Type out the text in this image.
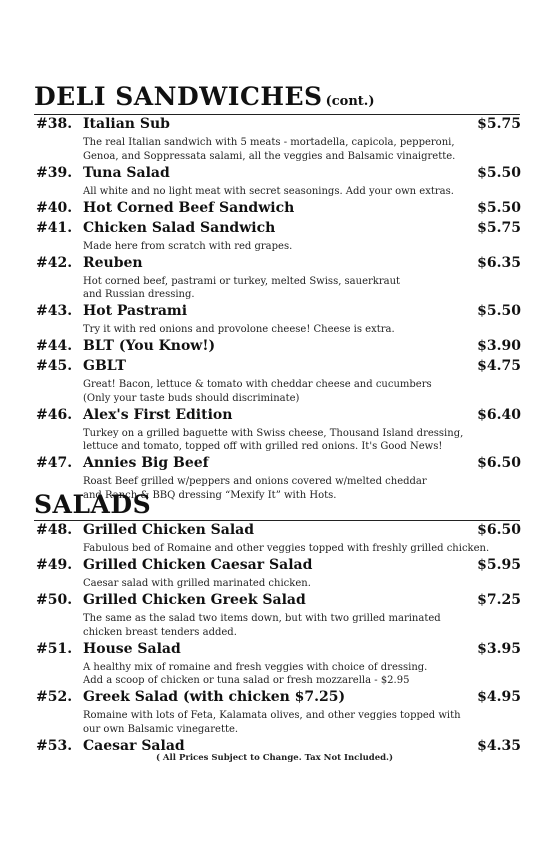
DELI SANDWICHES (cont.)
#38. Italian Sub	$5.75
The real Italian sandwich with 5 meats - mortadella, capicola, pepperoni,
Genoa, and Soppressata salami, all the veggies and Balsamic vinaigrette.
#39. Tuna Salad	$5.50
All white and no light meat with secret seasonings. Add your own extras.
#40. Hot Corned Beef Sandwich	$5.50
#41. Chicken Salad Sandwich	$5.75
Made here from scratch with red grapes.
#42. Reuben	$6.35
Hot corned beef, pastrami or turkey, melted Swiss, sauerkraut
and Russian dressing.
#43. Hot Pastrami	$5.50
Try it with red onions and provolone cheese! Cheese is extra.
#44. BLT (You Know!)	$3.90
#45. GBLT	$4.75
Great! Bacon, lettuce & tomato with cheddar cheese and cucumbers
(Only your taste buds should discriminate)
#46. Alex's First Edition	$6.40
Turkey on a grilled baguette with Swiss cheese, Thousand Island dressing,
lettuce and tomato, topped off with grilled red onions. It's Good News!
#47. Annies Big Beef	$6.50
Roast Beef grilled w/peppers and onions covered w/melted cheddar
and Ranch & BBQ dressing “Mexify It” with Hots.
SALADS
#48. Grilled Chicken Salad	$6.50
Fabulous bed of Romaine and other veggies topped with freshly grilled chicken.
#49. Grilled Chicken Caesar Salad	$5.95
Caesar salad with grilled marinated chicken.
#50. Grilled Chicken Greek Salad	$7.25
The same as the salad two items down, but with two grilled marinated
chicken breast tenders added.
#51. House Salad	$3.95
A healthy mix of romaine and fresh veggies with choice of dressing.
Add a scoop of chicken or tuna salad or fresh mozzarella - $2.95
#52. Greek Salad (with chicken $7.25)	$4.95
Romaine with lots of Feta, Kalamata olives, and other veggies topped with
our own Balsamic vinegarette.
#53. Caesar Salad	$4.35
( All Prices Subject to Change. Tax Not Included.)
